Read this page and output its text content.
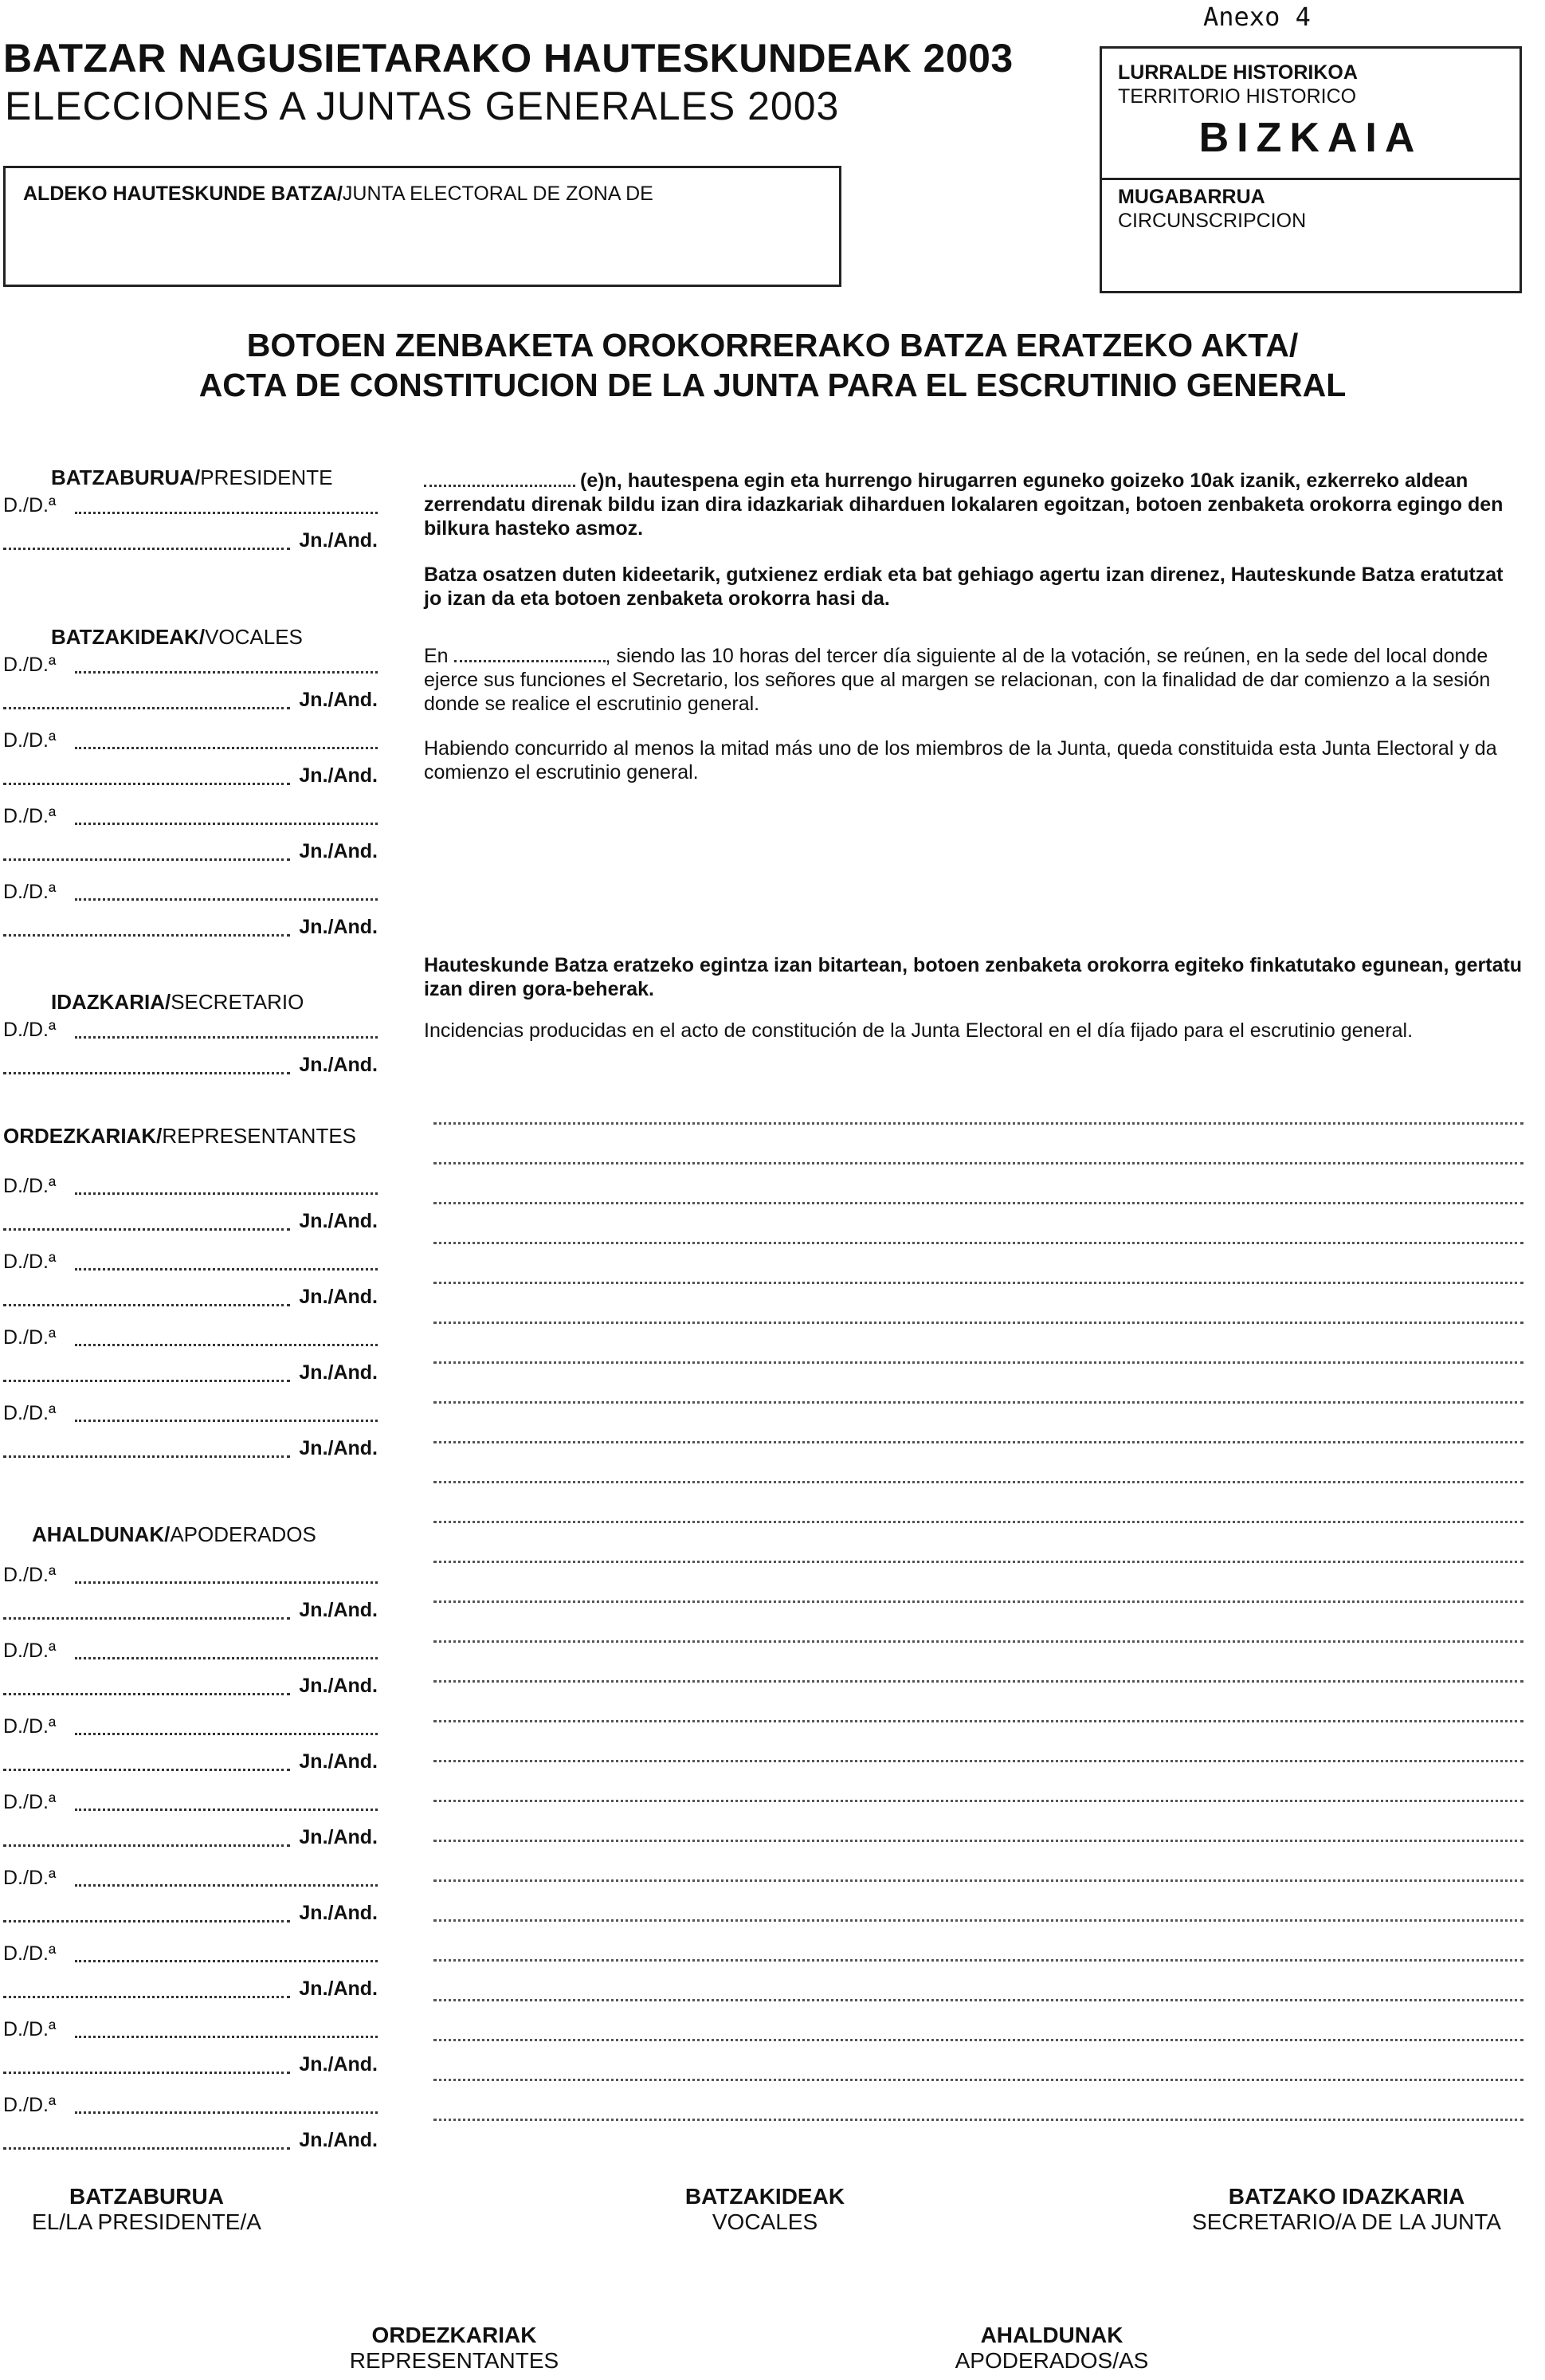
Anexo 4
BATZAR NAGUSIETARAKO HAUTESKUNDEAK 2003
ELECCIONES A JUNTAS GENERALES 2003
ALDEKO HAUTESKUNDE BATZA/JUNTA ELECTORAL DE ZONA DE
LURRALDE HISTORIKOA
TERRITORIO HISTORICO
BIZKAIA
MUGABARRUA
CIRCUNSCRIPCION
BOTOEN ZENBAKETA OROKORRERAKO BATZA ERATZEKO AKTA/
ACTA DE CONSTITUCION DE LA JUNTA PARA EL ESCRUTINIO GENERAL
BATZABURUA/PRESIDENTE
D./D.ª
Jn./And.
BATZAKIDEAK/VOCALES
D./D.ª
Jn./And.
D./D.ª
Jn./And.
D./D.ª
Jn./And.
D./D.ª
Jn./And.
IDAZKARIA/SECRETARIO
D./D.ª
Jn./And.
ORDEZKARIAK/REPRESENTANTES
D./D.ª
Jn./And.
D./D.ª
Jn./And.
D./D.ª
Jn./And.
D./D.ª
Jn./And.
AHALDUNAK/APODERADOS
D./D.ª
Jn./And.
D./D.ª
Jn./And.
D./D.ª
Jn./And.
D./D.ª
Jn./And.
D./D.ª
Jn./And.
D./D.ª
Jn./And.
D./D.ª
Jn./And.
D./D.ª
Jn./And.
(e)n, hautespena egin eta hurrengo hirugarren eguneko goizeko 10ak izanik, ezkerreko aldean zerrendatu direnak bildu izan dira idazkariak diharduen lokalaren egoitzan, botoen zenbaketa orokorra egingo den bilkura hasteko asmoz.
Batza osatzen duten kideetarik, gutxienez erdiak eta bat gehiago agertu izan direnez, Hauteskunde Batza eratutzat jo izan da eta botoen zenbaketa orokorra hasi da.
En	, siendo las 10 horas del tercer día siguiente al de la votación, se reúnen, en la sede del local donde ejerce sus funciones el Secretario, los señores que al margen se relacionan, con la finalidad de dar comienzo a la sesión donde se realice el escrutinio general.
Habiendo concurrido al menos la mitad más uno de los miembros de la Junta, queda constituida esta Junta Electoral y da comienzo el escrutinio general.
Hauteskunde Batza eratzeko egintza izan bitartean, botoen zenbaketa orokorra egiteko finkatutako egunean, gertatu izan diren gora-beherak.
Incidencias producidas en el acto de constitución de la Junta Electoral en el día fijado para el escrutinio general.
BATZABURUA
EL/LA PRESIDENTE/A
BATZAKIDEAK
VOCALES
BATZAKO IDAZKARIA
SECRETARIO/A DE LA JUNTA
ORDEZKARIAK
REPRESENTANTES
AHALDUNAK
APODERADOS/AS
